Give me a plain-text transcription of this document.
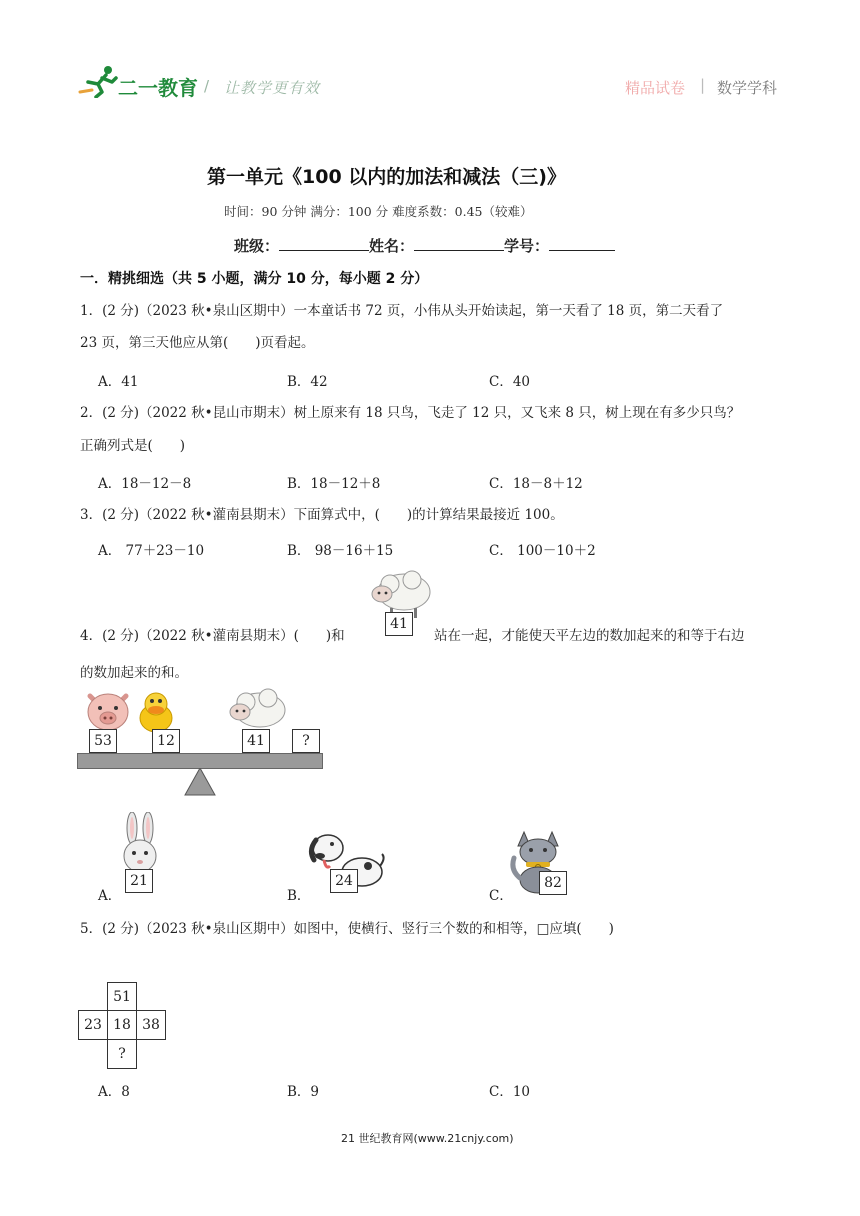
二一教育 / 让教学更有效	精品试卷 | 数学学科
第一单元《100 以内的加法和减法（三)》
时间：90 分钟 满分：100 分 难度系数：0.45（较难）
班级：	姓名：	学号：
一．精挑细选（共 5 小题，满分 10 分，每小题 2 分）
1．(2 分)（2023 秋•泉山区期中）一本童话书 72 页，小伟从头开始读起，第一天看了 18 页，第二天看了
23 页，第三天他应从第(　　)页看起。
A．41	B．42	C．40
2．(2 分)（2022 秋•昆山市期末）树上原来有 18 只鸟，飞走了 12 只，又飞来 8 只，树上现在有多少只鸟？
正确列式是(　　)
A．18－12－8	B．18－12＋8	C．18－8＋12
3．(2 分)（2022 秋•灌南县期末）下面算式中，(　　)的计算结果最接近 100。
A． 77＋23－10	B． 98－16＋15	C． 100－10＋2
4．(2 分)（2022 秋•灌南县期末）(　　)和
41
站在一起，才能使天平左边的数加起来的和等于右边
的数加起来的和。
53	12	41	?
A．
21
B．
24
C．
82
5．(2 分)（2023 秋•泉山区期中）如图中，使横行、竖行三个数的和相等，□应填(　　)
51
23 18 38
?
A．8	B．9	C．10
21 世纪教育网(www.21cnjy.com)
